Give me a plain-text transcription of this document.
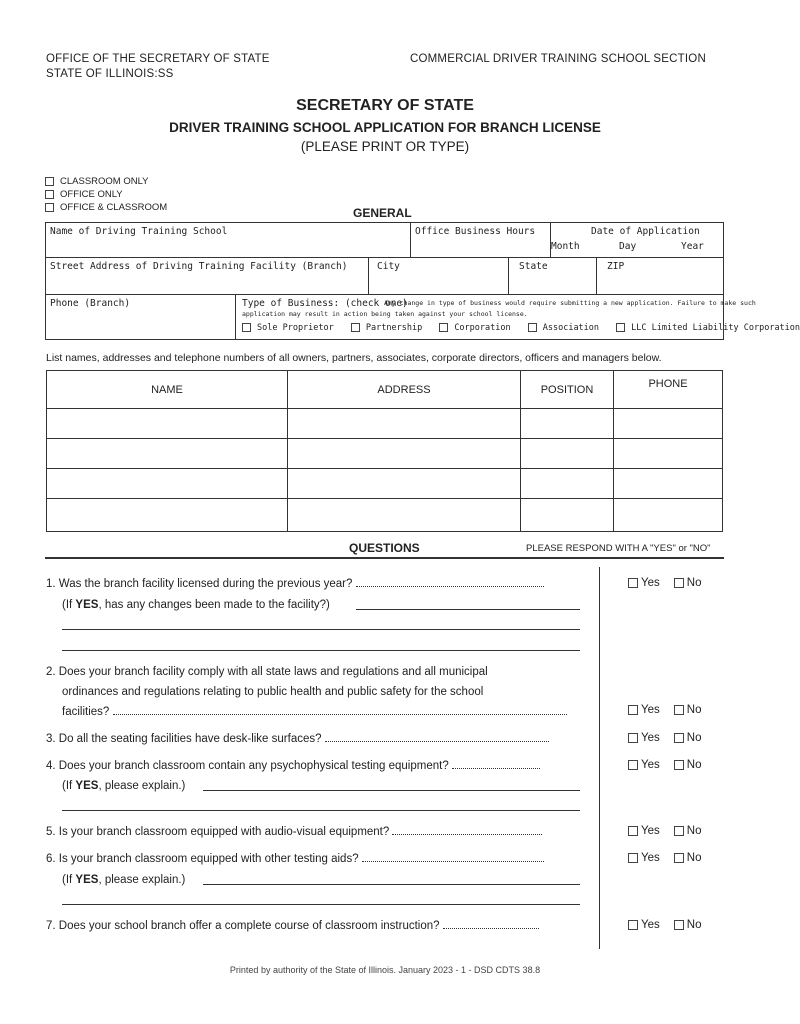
OFFICE OF THE SECRETARY OF STATE
STATE OF ILLINOIS:SS
COMMERCIAL DRIVER TRAINING SCHOOL SECTION
SECRETARY OF STATE
DRIVER TRAINING SCHOOL APPLICATION FOR BRANCH LICENSE
(PLEASE PRINT OR TYPE)
CLASSROOM ONLY
OFFICE ONLY
OFFICE & CLASSROOM	GENERAL
Name of Driving Training School	Office Business Hours	Date of Application
Month	Day	Year
Street Address of Driving Training Facility (Branch)	City	State	ZIP
Phone (Branch)	Type of Business: (check one)
Any change in type of business would require submitting a new application. Failure to make such
application may result in action being taken against your school license.
Sole Proprietor	Partnership	Corporation	Association	LLC Limited Liability Corporation
List names, addresses and telephone numbers of all owners, partners, associates, corporate directors, officers and managers below.
NAME	ADDRESS	POSITION	PHONE

QUESTIONS	PLEASE RESPOND WITH A "YES" or "NO"
1. Was the branch facility licensed during the previous year?
(If YES, has any changes been made to the facility?)
Yes No
2. Does your branch facility comply with all state laws and regulations and all municipal
ordinances and regulations relating to public health and public safety for the school
facilities?	Yes No
3. Do all the seating facilities have desk-like surfaces?	Yes No
4. Does your branch classroom contain any psychophysical testing equipment?
(If YES, please explain.)
Yes No
5. Is your branch classroom equipped with audio-visual equipment?	Yes No
6. Is your branch classroom equipped with other testing aids?
(If YES, please explain.)
Yes No
7. Does your school branch offer a complete course of classroom instruction?	Yes No
Printed by authority of the State of Illinois. January 2023 - 1 - DSD CDTS 38.8
